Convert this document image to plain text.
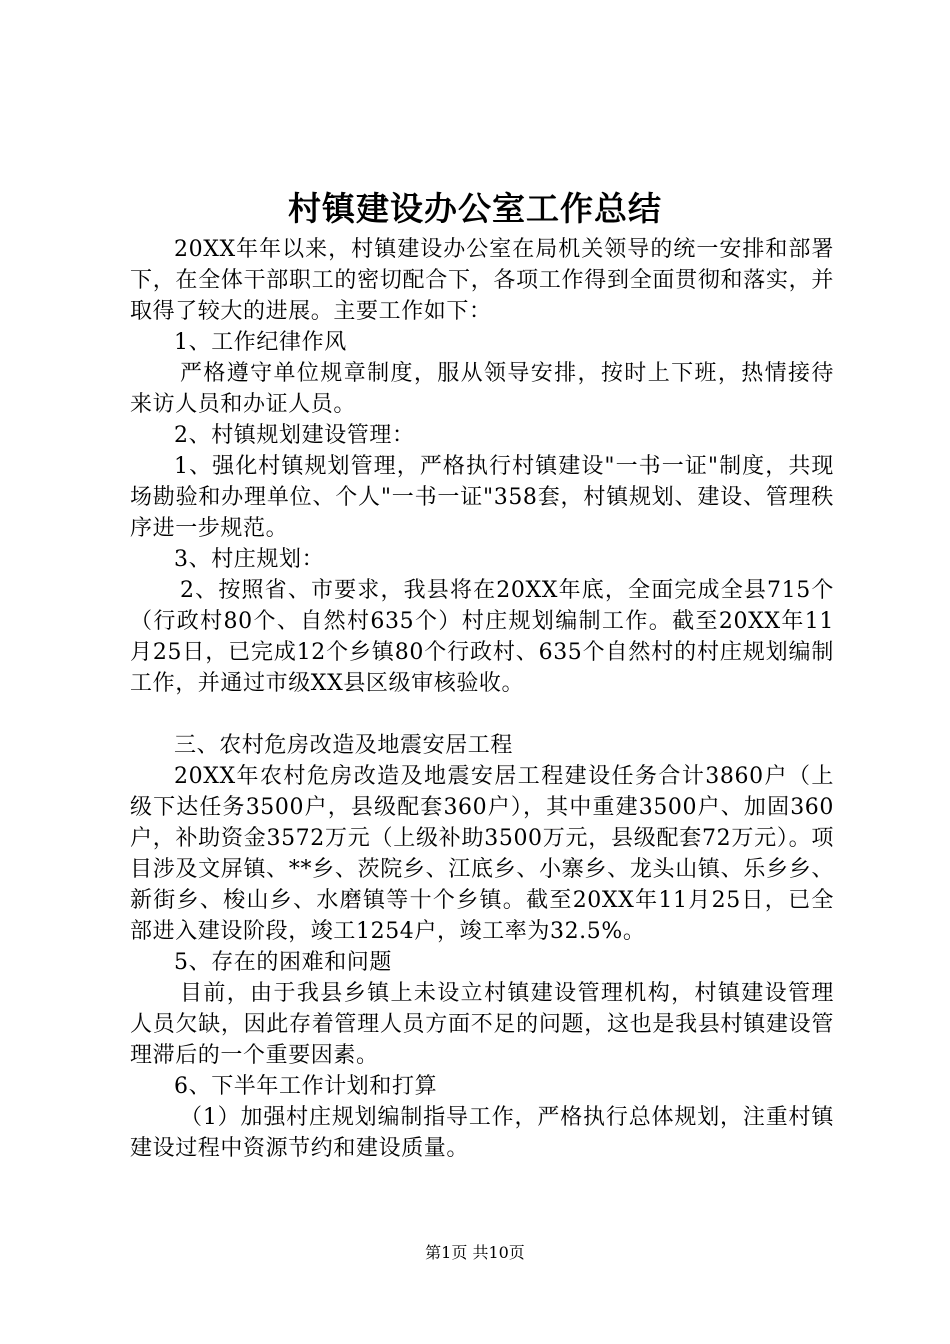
村镇建设办公室工作总结

20XX年年以来，村镇建设办公室在局机关领导的统一安排和部署下，在全体干部职工的密切配合下，各项工作得到全面贯彻和落实，并取得了较大的进展。主要工作如下：

1、工作纪律作风

严格遵守单位规章制度，服从领导安排，按时上下班，热情接待来访人员和办证人员。

2、村镇规划建设管理：

1、强化村镇规划管理，严格执行村镇建设"一书一证"制度，共现场勘验和办理单位、个人"一书一证"358套，村镇规划、建设、管理秩序进一步规范。

3、村庄规划：

2、按照省、市要求，我县将在20XX年底，全面完成全县715个（行政村80个、自然村635个）村庄规划编制工作。截至20XX年11月25日，已完成12个乡镇80个行政村、635个自然村的村庄规划编制工作，并通过市级XX县区级审核验收。

三、农村危房改造及地震安居工程

20XX年农村危房改造及地震安居工程建设任务合计3860户（上级下达任务3500户，县级配套360户），其中重建3500户、加固360户，补助资金3572万元（上级补助3500万元，县级配套72万元）。项目涉及文屏镇、**乡、茨院乡、江底乡、小寨乡、龙头山镇、乐乡乡、新街乡、梭山乡、水磨镇等十个乡镇。截至20XX年11月25日，已全部进入建设阶段，竣工1254户，竣工率为32.5%。

5、存在的困难和问题

目前，由于我县乡镇上未设立村镇建设管理机构，村镇建设管理人员欠缺，因此存着管理人员方面不足的问题，这也是我县村镇建设管理滞后的一个重要因素。

6、下半年工作计划和打算

（1）加强村庄规划编制指导工作，严格执行总体规划，注重村镇建设过程中资源节约和建设质量。

第1页 共10页
